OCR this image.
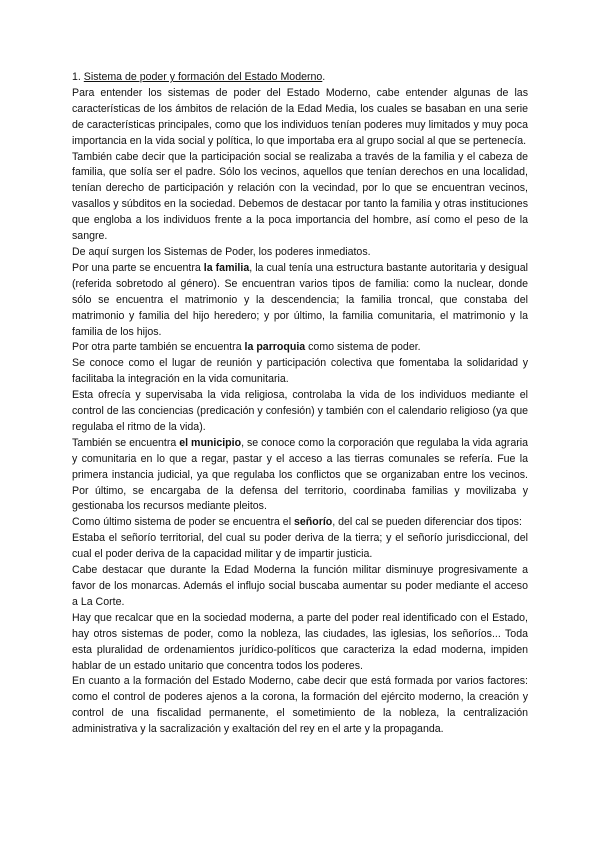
1. Sistema de poder y formación del Estado Moderno.

Para entender los sistemas de poder del Estado Moderno, cabe entender algunas de las características de los ámbitos de relación de la Edad Media, los cuales se basaban en una serie de características principales, como que los individuos tenían poderes muy limitados y muy poca importancia en la vida social y política, lo que importaba era al grupo social al que se pertenecía.

También cabe decir que la participación social se realizaba a través de la familia y el cabeza de familia, que solía ser el padre. Sólo los vecinos, aquellos que tenían derechos en una localidad, tenían derecho de participación y relación con la vecindad, por lo que se encuentran vecinos, vasallos y súbditos en la sociedad. Debemos de destacar por tanto la familia y otras instituciones que engloba a los individuos frente a la poca importancia del hombre, así como el peso de la sangre.

De aquí surgen los Sistemas de Poder, los poderes inmediatos.

Por una parte se encuentra la familia, la cual tenía una estructura bastante autoritaria y desigual (referida sobretodo al género). Se encuentran varios tipos de familia: como la nuclear, donde sólo se encuentra el matrimonio y la descendencia; la familia troncal, que constaba del matrimonio y familia del hijo heredero; y por último, la familia comunitaria, el matrimonio y la familia de los hijos.

Por otra parte también se encuentra la parroquia como sistema de poder.

Se conoce como el lugar de reunión y participación colectiva que fomentaba la solidaridad y facilitaba la integración en la vida comunitaria.

Esta ofrecía y supervisaba la vida religiosa, controlaba la vida de los individuos mediante el control de las conciencias (predicación y confesión) y también con el calendario religioso (ya que regulaba el ritmo de la vida).

También se encuentra el municipio, se conoce como la corporación que regulaba la vida agraria y comunitaria en lo que a regar, pastar y el acceso a las tierras comunales se refería. Fue la primera instancia judicial, ya que regulaba los conflictos que se organizaban entre los vecinos. Por último, se encargaba de la defensa del territorio, coordinaba familias y movilizaba y gestionaba los recursos mediante pleitos.

Como último sistema de poder se encuentra el señorío, del cal se pueden diferenciar dos tipos:

Estaba el señorío territorial, del cual su poder deriva de la tierra; y el señorío jurisdiccional, del cual el poder deriva de la capacidad militar y de impartir justicia.

Cabe destacar que durante la Edad Moderna la función militar disminuye progresivamente a favor de los monarcas. Además el influjo social buscaba aumentar su poder mediante el acceso a La Corte.

Hay que recalcar que en la sociedad moderna, a parte del poder real identificado con el Estado, hay otros sistemas de poder, como la nobleza, las ciudades, las iglesias, los señoríos... Toda esta pluralidad de ordenamientos jurídico-políticos que caracteriza la edad moderna, impiden hablar de un estado unitario que concentra todos los poderes.

En cuanto a la formación del Estado Moderno, cabe decir que está formada por varios factores: como el control de poderes ajenos a la corona, la formación del ejército moderno, la creación y control de una fiscalidad permanente, el sometimiento de la nobleza, la centralización administrativa y la sacralización y exaltación del rey en el arte y la propaganda.
